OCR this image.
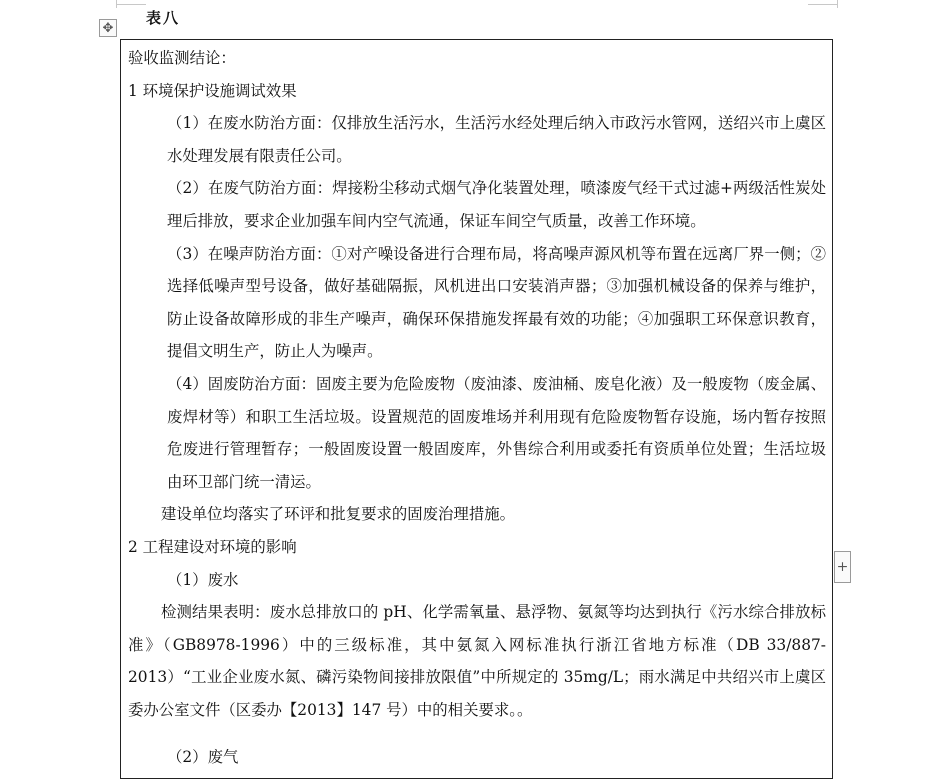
✥
表八

验收监测结论：

1 环境保护设施调试效果

（1）在废水防治方面：仅排放生活污水，生活污水经处理后纳入市政污水管网，送绍兴市上虞区水处理发展有限责任公司。

（2）在废气防治方面：焊接粉尘移动式烟气净化装置处理，喷漆废气经干式过滤+两级活性炭处理后排放，要求企业加强车间内空气流通，保证车间空气质量，改善工作环境。

（3）在噪声防治方面：①对产噪设备进行合理布局，将高噪声源风机等布置在远离厂界一侧；②选择低噪声型号设备，做好基础隔振，风机进出口安装消声器；③加强机械设备的保养与维护，防止设备故障形成的非生产噪声，确保环保措施发挥最有效的功能；④加强职工环保意识教育，提倡文明生产，防止人为噪声。

（4）固废防治方面：固废主要为危险废物（废油漆、废油桶、废皂化液）及一般废物（废金属、废焊材等）和职工生活垃圾。设置规范的固废堆场并利用现有危险废物暂存设施，场内暂存按照危废进行管理暂存；一般固废设置一般固废库，外售综合利用或委托有资质单位处置；生活垃圾由环卫部门统一清运。

建设单位均落实了环评和批复要求的固废治理措施。

2 工程建设对环境的影响

（1）废水

检测结果表明：废水总排放口的 pH、化学需氧量、悬浮物、氨氮等均达到执行《污水综合排放标准》（GB8978-1996）中的三级标准，其中氨氮入网标准执行浙江省地方标准（DB 33/887-2013）“工业企业废水氮、磷污染物间接排放限值”中所规定的 35mg/L；雨水满足中共绍兴市上虞区委办公室文件（区委办【2013】147 号）中的相关要求。。

（2）废气

+
